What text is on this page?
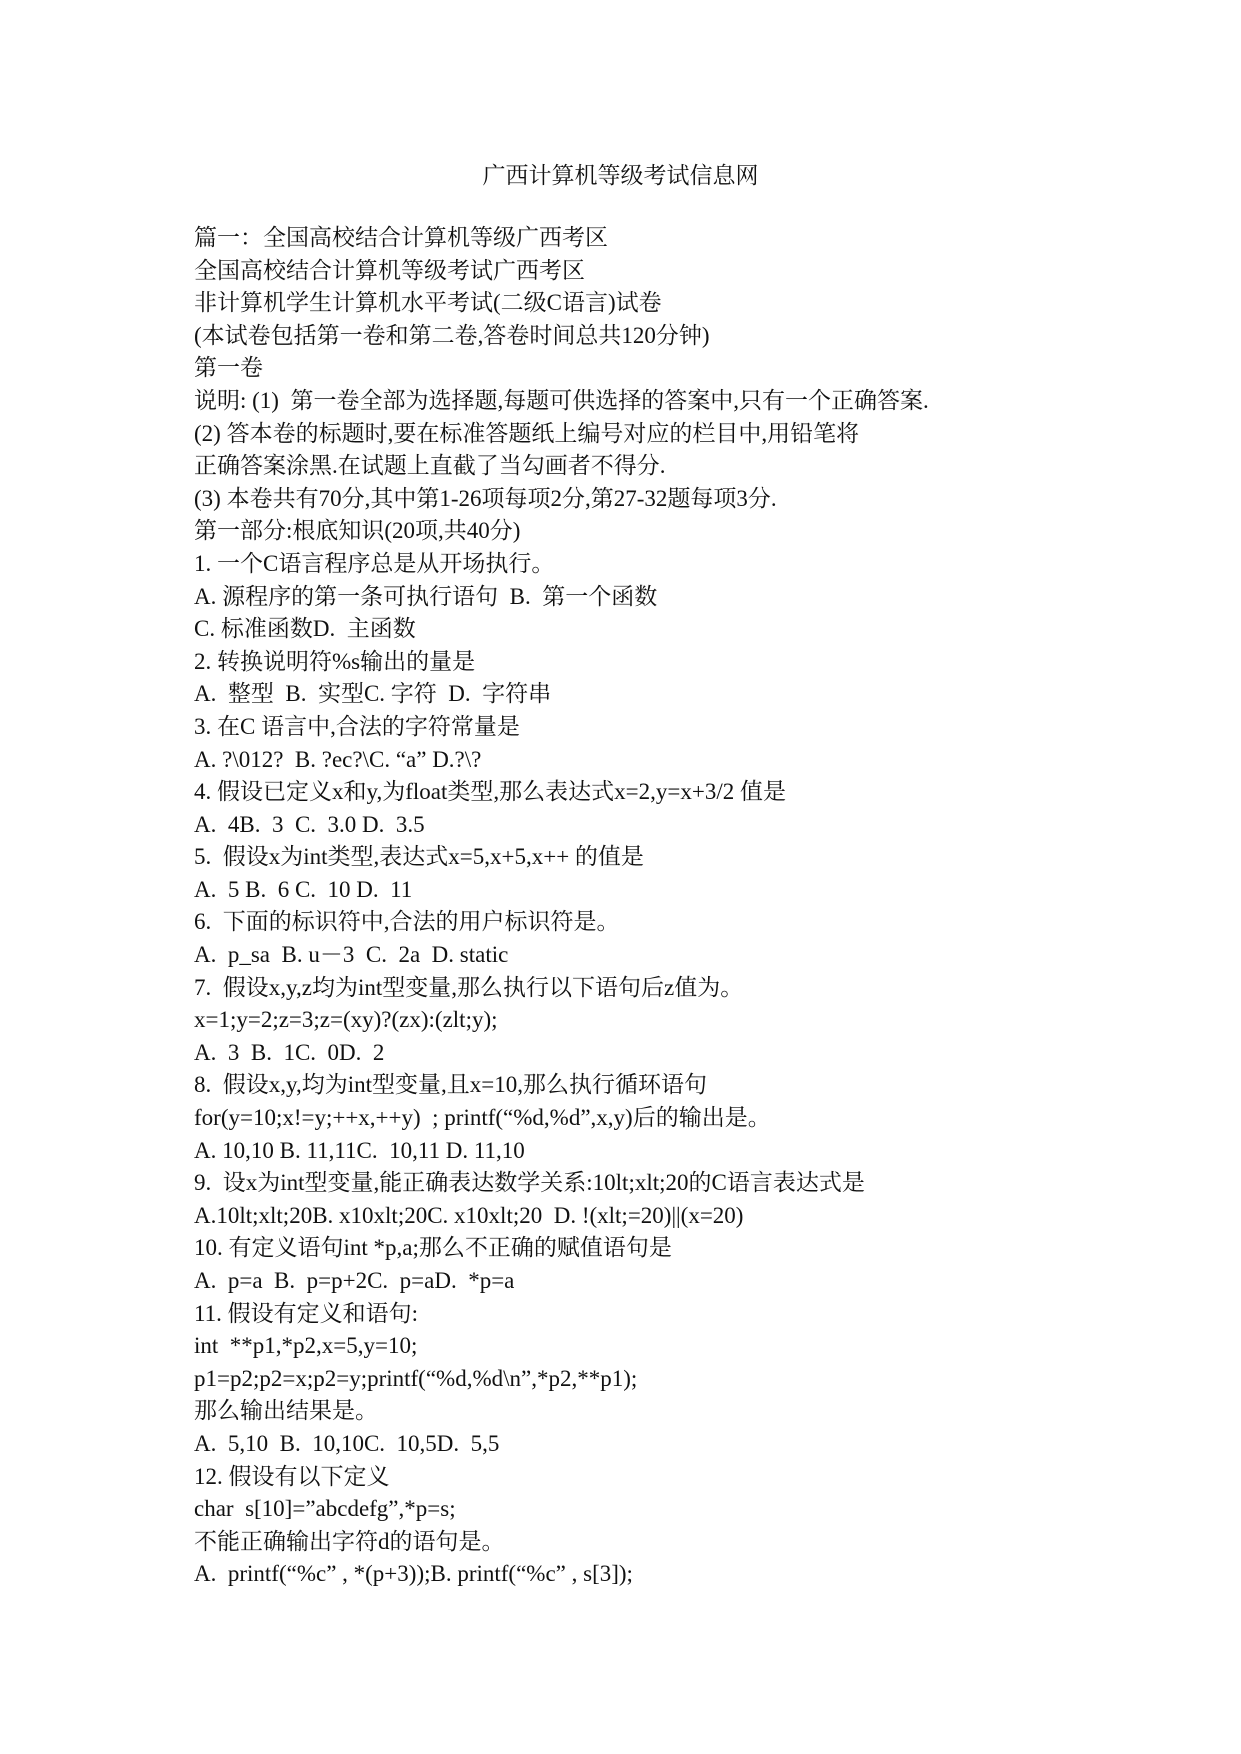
广西计算机等级考试信息网
篇一：全国高校结合计算机等级广西考区
全国高校结合计算机等级考试广西考区
非计算机学生计算机水平考试(二级C语言)试卷
(本试卷包括第一卷和第二卷,答卷时间总共120分钟)
第一卷
说明: (1)  第一卷全部为选择题,每题可供选择的答案中,只有一个正确答案.
(2) 答本卷的标题时,要在标准答题纸上编号对应的栏目中,用铅笔将
正确答案涂黑.在试题上直截了当勾画者不得分.
(3) 本卷共有70分,其中第1-26项每项2分,第27-32题每项3分.
第一部分:根底知识(20项,共40分)
1. 一个C语言程序总是从开场执行。
A. 源程序的第一条可执行语句  B.  第一个函数
C. 标准函数D.  主函数
2. 转换说明符%s输出的量是
A.  整型  B.  实型C. 字符  D.  字符串
3. 在C 语言中,合法的字符常量是
A. ?\012?  B. ?ec?\C. “a” D.?\?
4. 假设已定义x和y,为float类型,那么表达式x=2,y=x+3/2 值是
A.  4B.  3  C.  3.0 D.  3.5
5.  假设x为int类型,表达式x=5,x+5,x++ 的值是
A.  5 B.  6 C.  10 D.  11
6.  下面的标识符中,合法的用户标识符是。
A.  p_sa  B. u－3  C.  2a  D. static
7.  假设x,y,z均为int型变量,那么执行以下语句后z值为。
x=1;y=2;z=3;z=(xy)?(zx):(zlt;y);
A.  3  B.  1C.  0D.  2
8.  假设x,y,均为int型变量,且x=10,那么执行循环语句
for(y=10;x!=y;++x,++y)  ; printf(“%d,%d”,x,y)后的输出是。
A. 10,10 B. 11,11C.  10,11 D. 11,10
9.  设x为int型变量,能正确表达数学关系:10lt;xlt;20的C语言表达式是
A.10lt;xlt;20B. x10xlt;20C. x10xlt;20  D. !(xlt;=20)||(x=20)
10. 有定义语句int *p,a;那么不正确的赋值语句是
A.  p=a  B.  p=p+2C.  p=aD.  *p=a
11. 假设有定义和语句:
int  **p1,*p2,x=5,y=10;
p1=p2;p2=x;p2=y;printf(“%d,%d\n”,*p2,**p1);
那么输出结果是。
A.  5,10  B.  10,10C.  10,5D.  5,5
12. 假设有以下定义
char  s[10]=”abcdefg”,*p=s;
不能正确输出字符d的语句是。
A.  printf(“%c” , *(p+3));B. printf(“%c” , s[3]);
